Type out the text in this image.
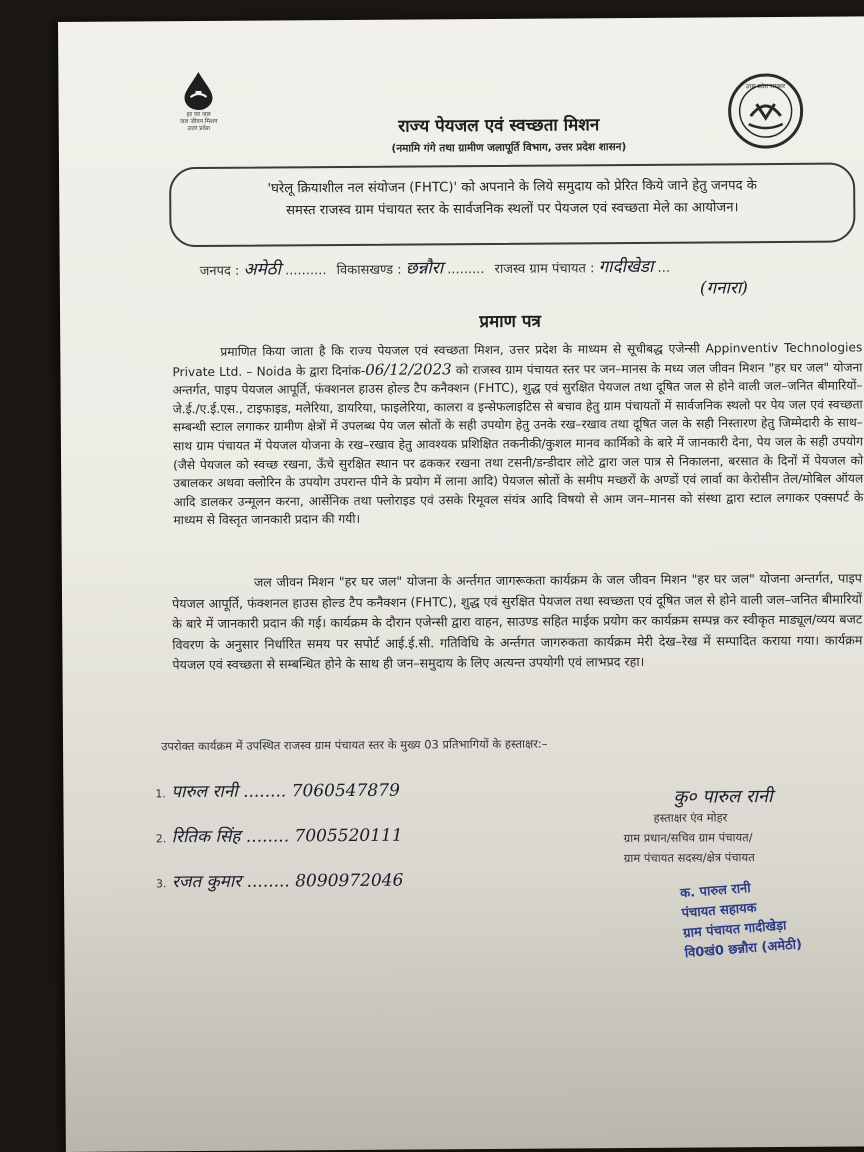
हर घर जल
जल जीवन मिशन
उत्तर प्रदेश	राज्य पेयजल एवं स्वच्छता मिशन
(नमामि गंगे तथा ग्रामीण जलापूर्ति विभाग, उत्तर प्रदेश शासन)
उत्तर प्रदेश सरकार
'घरेलू क्रियाशील नल संयोजन (FHTC)' को अपनाने के लिये समुदाय को प्रेरित किये जाने हेतु जनपद के
समस्त राजस्व ग्राम पंचायत स्तर के सार्वजनिक स्थलों पर पेयजल एवं स्वच्छता मेले का आयोजन।
जनपद : अमेठी .......... विकासखण्ड : छन्नौरा ......... राजस्व ग्राम पंचायत : गादीखेडा ...
(गनारा)
प्रमाण पत्र
प्रमाणित किया जाता है कि राज्य पेयजल एवं स्वच्छता मिशन, उत्तर प्रदेश के माध्यम से सूचीबद्ध एजेन्सी Appinventiv Technologies Private Ltd. – Noida के द्वारा दिनांक-06/12/2023 को राजस्व ग्राम पंचायत स्तर पर जन–मानस के मध्य जल जीवन मिशन "हर घर जल" योजना अन्तर्गत, पाइप पेयजल आपूर्ति, फंक्शनल हाउस होल्ड टैप कनैक्शन (FHTC), शुद्ध एवं सुरक्षित पेयजल तथा दूषित जल से होने वाली जल–जनित बीमारियों–जे.ई./ए.ई.एस., टाइफाइड, मलेरिया, डायरिया, फाइलेरिया, कालरा व इन्सेफलाइटिस से बचाव हेतु ग्राम पंचायतों में सार्वजनिक स्थलो पर पेय जल एवं स्वच्छता सम्बन्धी स्टाल लगाकर ग्रामीण क्षेत्रों में उपलब्ध पेय जल स्रोतों के सही उपयोग हेतु उनके रख–रखाव तथा दूषित जल के सही निस्तारण हेतु जिम्मेदारी के साथ–साथ ग्राम पंचायत में पेयजल योजना के रख–रखाव हेतु आवश्यक प्रशिक्षित तकनीकी/कुशल मानव कार्मिको के बारे में जानकारी देना, पेय जल के सही उपयोग (जैसे पेयजल को स्वच्छ रखना, ऊँचे सुरक्षित स्थान पर ढककर रखना तथा टसनी/डन्डीदार लोटे द्वारा जल पात्र से निकालना, बरसात के दिनों में पेयजल को उबालकर अथवा क्लोरिन के उपयोग उपरान्त पीने के प्रयोग में लाना आदि) पेयजल स्रोतों के समीप मच्छरों के अण्डों एवं लार्वा का केरोसीन तेल/मोबिल ऑयल आदि डालकर उन्मूलन करना, आर्सेनिक तथा फ्लोराइड एवं उसके रिमूवल संयंत्र आदि विषयो से आम जन–मानस को संस्था द्वारा स्टाल लगाकर एक्सपर्ट के माध्यम से विस्तृत जानकारी प्रदान की गयी।
जल जीवन मिशन "हर घर जल" योजना के अर्न्तगत जागरूकता कार्यक्रम के जल जीवन मिशन "हर घर जल" योजना अन्तर्गत, पाइप पेयजल आपूर्ति, फंक्शनल हाउस होल्ड टैप कनैक्शन (FHTC), शुद्ध एवं सुरक्षित पेयजल तथा स्वच्छता एवं दूषित जल से होने वाली जल–जनित बीमारियों के बारे में जानकारी प्रदान की गई। कार्यक्रम के दौरान एजेन्सी द्वारा वाहन, साउण्ड सहित माईक प्रयोग कर कार्यक्रम सम्पन्न कर स्वीकृत माड्यूल/व्यय बजट विवरण के अनुसार निर्धारित समय पर सपोर्ट आई.ई.सी. गतिविधि के अर्न्तगत जागरुकता कार्यक्रम मेरी देख–रेख में सम्पादित कराया गया। कार्यक्रम पेयजल एवं स्वच्छता से सम्बन्धित होने के साथ ही जन–समुदाय के लिए अत्यन्त उपयोगी एवं लाभप्रद रहा।
उपरोक्त कार्यक्रम में उपस्थित राजस्व ग्राम पंचायत स्तर के मुख्य 03 प्रतिभागियों के हस्ताक्षर:–
1. पारुल रानी ........ 7060547879
2. रितिक सिंह ........ 7005520111
3. रजत कुमार ........ 8090972046
कु० पारुल रानी
हस्ताक्षर एंव मोहर
ग्राम प्रधान/सचिव ग्राम पंचायत/
ग्राम पंचायत सदस्य/क्षेत्र पंचायत
क. पारुल रानी
पंचायत सहायक
ग्राम पंचायत गादीखेड़ा
वि0खं0 छन्नौरा (अमेठी)
